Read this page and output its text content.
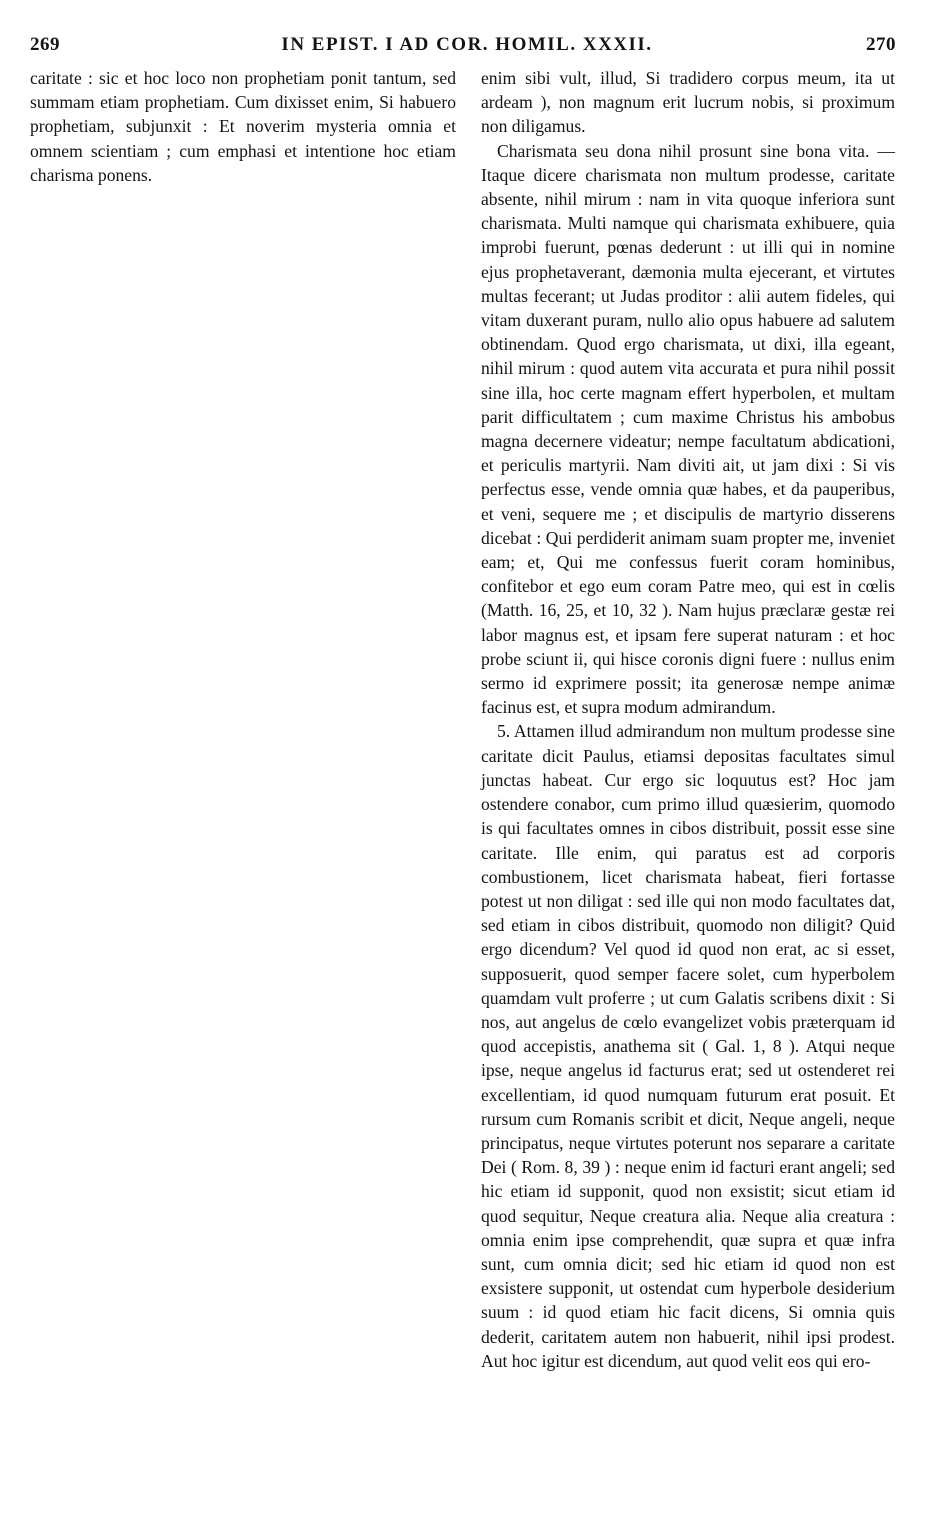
269	IN EPIST. I AD COR. HOMIL. XXXII.	270

caritate : sic et hoc loco non prophetiam ponit tantum, sed summam etiam prophetiam. Cum dixisset enim, Si habuero prophetiam, subjunxit : Et noverim mysteria omnia et omnem scientiam ; cum emphasi et intentione hoc etiam charisma ponens.

enim sibi vult, illud, Si tradidero corpus meum, ita ut ardeam ), non magnum erit lucrum nobis, si proximum non diligamus.

Charismata seu dona nihil prosunt sine bona vita. — Itaque dicere charismata non multum prodesse, caritate absente, nihil mirum : nam in vita quoque inferiora sunt charismata. Multi namque qui charismata exhibuere, quia improbi fuerunt, pœnas dederunt : ut illi qui in nomine ejus prophetaverant, dæmonia multa ejecerant, et virtutes multas fecerant; ut Judas proditor : alii autem fideles, qui vitam duxerant puram, nullo alio opus habuere ad salutem obtinendam. Quod ergo charismata, ut dixi, illa egeant, nihil mirum : quod autem vita accurata et pura nihil possit sine illa, hoc certe magnam effert hyperbolen, et multam parit difficultatem ; cum maxime Christus his ambobus magna decernere videatur; nempe facultatum abdicationi, et periculis martyrii. Nam diviti ait, ut jam dixi : Si vis perfectus esse, vende omnia quæ habes, et da pauperibus, et veni, sequere me ; et discipulis de martyrio disserens dicebat : Qui perdiderit animam suam propter me, inveniet eam; et, Qui me confessus fuerit coram hominibus, confitebor et ego eum coram Patre meo, qui est in cœlis (Matth. 16, 25, et 10, 32 ). Nam hujus præclaræ gestæ rei labor magnus est, et ipsam fere superat naturam : et hoc probe sciunt ii, qui hisce coronis digni fuere : nullus enim sermo id exprimere possit; ita generosæ nempe animæ facinus est, et supra modum admirandum.

5. Attamen illud admirandum non multum prodesse sine caritate dicit Paulus, etiamsi depositas facultates simul junctas habeat. Cur ergo sic loquutus est? Hoc jam ostendere conabor, cum primo illud quæsierim, quomodo is qui facultates omnes in cibos distribuit, possit esse sine caritate. Ille enim, qui paratus est ad corporis combustionem, licet charismata habeat, fieri fortasse potest ut non diligat : sed ille qui non modo facultates dat, sed etiam in cibos distribuit, quomodo non diligit? Quid ergo dicendum? Vel quod id quod non erat, ac si esset, supposuerit, quod semper facere solet, cum hyperbolem quamdam vult proferre ; ut cum Galatis scribens dixit : Si nos, aut angelus de cœlo evangelizet vobis præterquam id quod accepistis, anathema sit ( Gal. 1, 8 ). Atqui neque ipse, neque angelus id facturus erat; sed ut ostenderet rei excellentiam, id quod numquam futurum erat posuit. Et rursum cum Romanis scribit et dicit, Neque angeli, neque principatus, neque virtutes poterunt nos separare a caritate Dei ( Rom. 8, 39 ) : neque enim id facturi erant angeli; sed hic etiam id supponit, quod non exsistit; sicut etiam id quod sequitur, Neque creatura alia. Neque alia creatura : omnia enim ipse comprehendit, quæ supra et quæ infra sunt, cum omnia dicit; sed hic etiam id quod non est exsistere supponit, ut ostendat cum hyperbole desiderium suum : id quod etiam hic facit dicens, Si omnia quis dederit, caritatem autem non habuerit, nihil ipsi prodest. Aut hoc igitur est dicendum, aut quod velit eos qui ero-
